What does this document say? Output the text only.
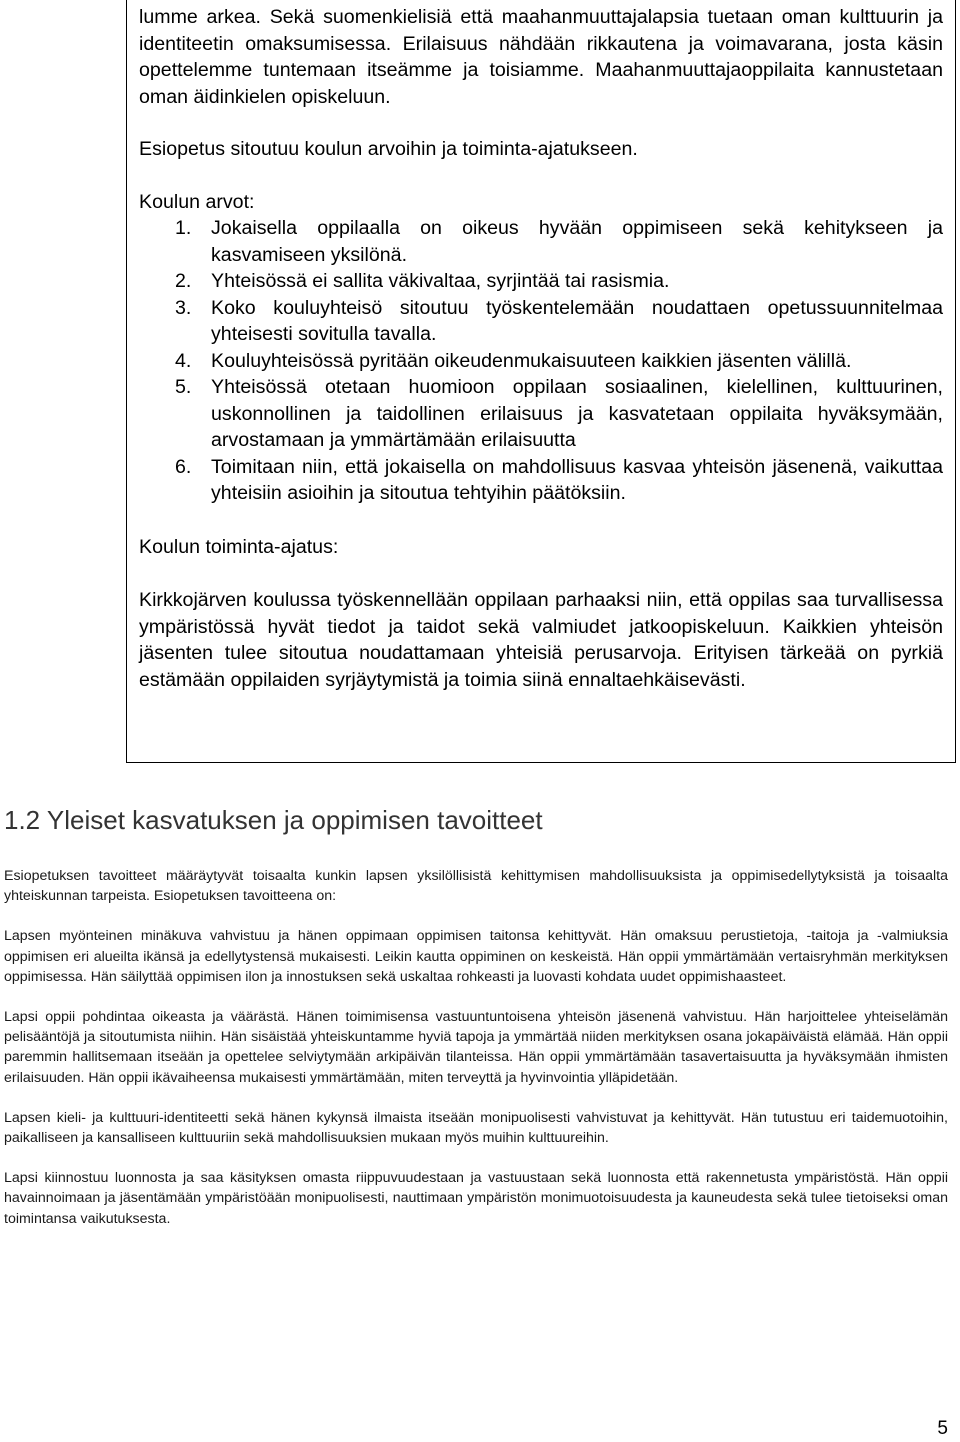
lumme arkea. Sekä suomenkielisiä että maahanmuuttajalapsia tuetaan oman kulttuurin ja identiteetin omaksumisessa. Erilaisuus nähdään rikkautena ja voimavarana, josta käsin opettelemme tuntemaan itseämme ja toisiamme. Maahanmuuttajaoppilaita kannustetaan oman äidinkielen opiskeluun.

Esiopetus sitoutuu koulun arvoihin ja toiminta-ajatukseen.

Koulun arvot:

1.	Jokaisella oppilaalla on oikeus hyvään oppimiseen sekä kehitykseen ja kasvamiseen yksilönä.
2.	Yhteisössä ei sallita väkivaltaa, syrjintää tai rasismia.
3.	Koko kouluyhteisö sitoutuu työskentelemään noudattaen opetussuunnitelmaa yhteisesti sovitulla tavalla.
4.	Kouluyhteisössä pyritään oikeudenmukaisuuteen kaikkien jäsenten välillä.
5.	Yhteisössä otetaan huomioon oppilaan sosiaalinen, kielellinen, kulttuurinen, uskonnollinen ja taidollinen erilaisuus ja kasvatetaan oppilaita hyväksymään, arvostamaan ja ymmärtämään erilaisuutta
6.	Toimitaan niin, että jokaisella on mahdollisuus kasvaa yhteisön jäsenenä, vaikuttaa yhteisiin asioihin ja sitoutua tehtyihin päätöksiin.

Koulun toiminta-ajatus:

Kirkkojärven koulussa työskennellään oppilaan parhaaksi niin, että oppilas saa turvallisessa ympäristössä hyvät tiedot ja taidot sekä valmiudet jatkoopiskeluun. Kaikkien yhteisön jäsenten tulee sitoutua noudattamaan yhteisiä perusarvoja. Erityisen tärkeää on pyrkiä estämään oppilaiden syrjäytymistä ja toimia siinä ennaltaehkäisevästi.

1.2 Yleiset kasvatuksen ja oppimisen tavoitteet

Esiopetuksen tavoitteet määräytyvät toisaalta kunkin lapsen yksilöllisistä kehittymisen mahdollisuuksista ja oppimisedellytyksistä ja toisaalta yhteiskunnan tarpeista. Esiopetuksen tavoitteena on:

Lapsen myönteinen minäkuva vahvistuu ja hänen oppimaan oppimisen taitonsa kehittyvät. Hän omaksuu perustietoja, -taitoja ja -valmiuksia oppimisen eri alueilta ikänsä ja edellytystensä mukaisesti. Leikin kautta oppiminen on keskeistä. Hän oppii ymmärtämään vertaisryhmän merkityksen oppimisessa. Hän säilyttää oppimisen ilon ja innostuksen sekä uskaltaa rohkeasti ja luovasti kohdata uudet oppimishaasteet.

Lapsi oppii pohdintaa oikeasta ja väärästä. Hänen toimimisensa vastuuntuntoisena yhteisön jäsenenä vahvistuu. Hän harjoittelee yhteiselämän pelisääntöjä ja sitoutumista niihin. Hän sisäistää yhteiskuntamme hyviä tapoja ja ymmärtää niiden merkityksen osana jokapäiväistä elämää. Hän oppii paremmin hallitsemaan itseään ja opettelee selviytymään arkipäivän tilanteissa. Hän oppii ymmärtämään tasavertaisuutta ja hyväksymään ihmisten erilaisuuden. Hän oppii ikävaiheensa mukaisesti ymmärtämään, miten terveyttä ja hyvinvointia ylläpidetään.

Lapsen kieli- ja kulttuuri-identiteetti sekä hänen kykynsä ilmaista itseään monipuolisesti vahvistuvat ja kehittyvät. Hän tutustuu eri taidemuotoihin, paikalliseen ja kansalliseen kulttuuriin sekä mahdollisuuksien mukaan myös muihin kulttuureihin.

Lapsi kiinnostuu luonnosta ja saa käsityksen omasta riippuvuudestaan ja vastuustaan sekä luonnosta että rakennetusta ympäristöstä. Hän oppii havainnoimaan ja jäsentämään ympäristöään monipuolisesti, nauttimaan ympäristön monimuotoisuudesta ja kauneudesta sekä tulee tietoiseksi oman toimintansa vaikutuksesta.

5
